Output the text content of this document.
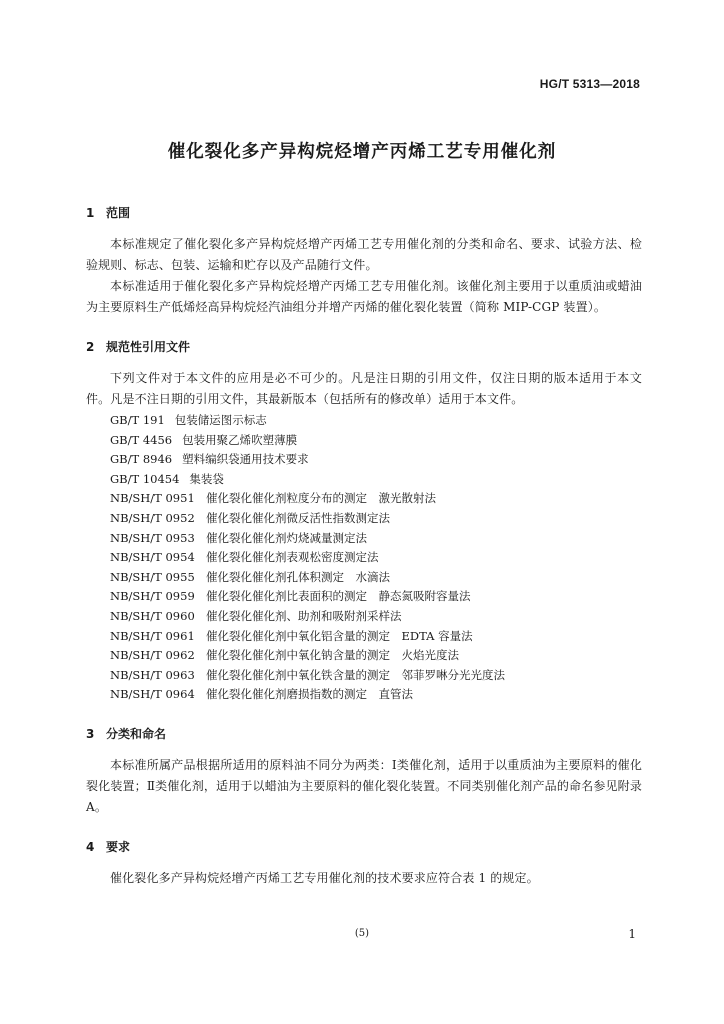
HG/T 5313—2018
催化裂化多产异构烷烃增产丙烯工艺专用催化剂
1 范围

本标准规定了催化裂化多产异构烷烃增产丙烯工艺专用催化剂的分类和命名、要求、试验方法、检验规则、标志、包装、运输和贮存以及产品随行文件。

本标准适用于催化裂化多产异构烷烃增产丙烯工艺专用催化剂。该催化剂主要用于以重质油或蜡油为主要原料生产低烯烃高异构烷烃汽油组分并增产丙烯的催化裂化装置（简称 MIP-CGP 装置）。

2 规范性引用文件

下列文件对于本文件的应用是必不可少的。凡是注日期的引用文件，仅注日期的版本适用于本文件。凡是不注日期的引用文件，其最新版本（包括所有的修改单）适用于本文件。

GB/T 191 包装储运图示标志

GB/T 4456 包装用聚乙烯吹塑薄膜

GB/T 8946 塑料编织袋通用技术要求

GB/T 10454 集装袋

NB/SH/T 0951 催化裂化催化剂粒度分布的测定　激光散射法

NB/SH/T 0952 催化裂化催化剂微反活性指数测定法

NB/SH/T 0953 催化裂化催化剂灼烧减量测定法

NB/SH/T 0954 催化裂化催化剂表观松密度测定法

NB/SH/T 0955 催化裂化催化剂孔体积测定　水滴法

NB/SH/T 0959 催化裂化催化剂比表面积的测定　静态氮吸附容量法

NB/SH/T 0960 催化裂化催化剂、助剂和吸附剂采样法

NB/SH/T 0961 催化裂化催化剂中氧化铝含量的测定　EDTA 容量法

NB/SH/T 0962 催化裂化催化剂中氧化钠含量的测定　火焰光度法

NB/SH/T 0963 催化裂化催化剂中氧化铁含量的测定　邻菲罗啉分光光度法

NB/SH/T 0964 催化裂化催化剂磨损指数的测定　直管法

3 分类和命名

本标准所属产品根据所适用的原料油不同分为两类：Ⅰ类催化剂，适用于以重质油为主要原料的催化裂化装置；Ⅱ类催化剂，适用于以蜡油为主要原料的催化裂化装置。不同类别催化剂产品的命名参见附录 A。

4 要求

催化裂化多产异构烷烃增产丙烯工艺专用催化剂的技术要求应符合表 1 的规定。

(5)	1
